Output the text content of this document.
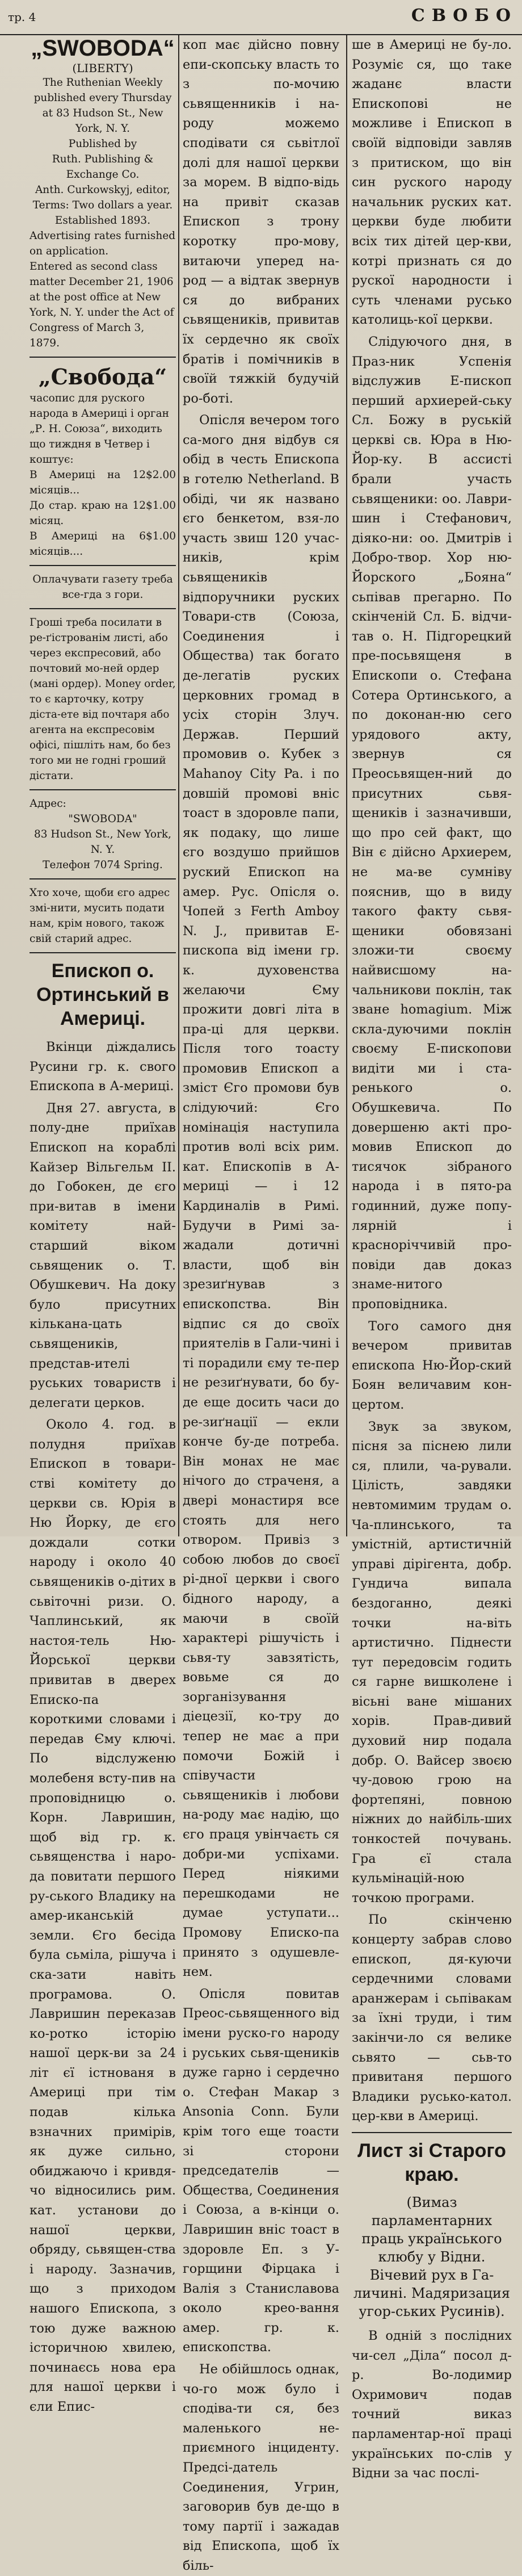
тр. 4	СВОБО
„SWOBODA“
(LIBERTY)
The Ruthenian Weekly published every Thursday at 83 Hudson St., New York, N. Y.
Published by
Ruth. Publishing & Exchange Co.
Anth. Curkowskyj, editor,
Terms: Two dollars a year.
Established 1893.
Advertising rates furnished on application.
Entered as second class matter December 21, 1906 at the post office at New York, N. Y. under the Act of Congress of March 3, 1879.
„Свобода“
часопис для руского народа в Америці і орган „Р. Н. Союза“, виходить що тиждня в Четвер і коштує:
В Америці на 12 місяців...
$2.00
До стар. краю на 12 місяц.
$1.00
В Америці на 6 місяців....
$1.00
Оплачувати газету треба все-гда з гори.
Гроші треба посилати в ре-ґістрованім листі, або через експресовий, або почтовий мо-ней ордер (мані ордер). Money order, то є карточку, котру діста-ете від почтаря або агента на експресовім офісі, пішліть нам, бо без того ми не годні гроший дістати.
Адрес:
"SWOBODA"
83 Hudson St., New York, N. Y.
Телефон 7074 Spring.
Хто хоче, щоби єго адрес змі-нити, мусить подати нам, крім нового, також свій старий адрес.
Епископ о. Ортинський в Америці.

Вкінци діждались Русини гр. к. свого Епископа в А-мериці.

Дня 27. августа, в полу-дне приїхав Епископ на кораблі Кайзер Вільгельм II. до Гобокен, де єго при-витав в імени комітету най-старший віком сьвященик о. Т. Обушкевич. На доку було присутних кількана-цать сьвящеників, представ-ителі руських товариств і делегати церков.

Около 4. год. в полудня приїхав Епископ в товари-стві комітету до церкви св. Юрія в Ню Йорку, де єго дождали сотки народу і около 40 сьвящеників о-дітих в сьвіточні ризи. О. Чаплинський, як настоя-тель Ню-Йорської церкви привитав в дверех Еписко-па короткими словами і передав Єму ключі. По відслуженю молебеня всту-пив на проповідницю о. Корн. Лавришин, щоб від гр. к. сьвященства і наро-да повитати першого ру-ського Владику на амер-иканській земли. Єго бесіда була сьміла, рішуча і ска-зати навіть програмова. О. Лавришин переказав ко-ротко історію нашої церк-ви за 24 літ єї істнованя в Америці при тім подав кількa взначних примірів, як дуже сильно, обиджаючо і кривдя-чо відносились рим. кат. установи до нашої церкви, обряду, сьвящен-ства і народу. Зазначив, що з приходом нашого Епископа, з тою дуже важною історичною хвилею, починаєсь нова ера для нашої церкви і єли Епис-

коп має дійсно повну епи-скопську власть то з по-мочию сьвященників і на-роду можемо сподівати ся сьвітлої долі для нашої церкви за морем. В відпо-відь на привіт сказав Епископ з трону коротку про-мову, витаючи уперед на-род — а відтак звернув ся до вибраних сьвящеників, привитав їх сердечно як своїх братів і помічників в своїй тяжкій будучій ро-боті.

Опісля вечером того са-мого дня відбув ся обід в честь Епископа в готелю Netherland. В обіді, чи як названо єго бенкетом, взя-ло участь звиш 120 учас-ників, крім сьвящеників відпоручники руских Товари-ств (Союза, Соединения і Общества) так богато де-легатів руских церковних громад в усіх сторін Злуч. Держав. Перший промовив о. Кубек з Mahanoy City Pa. і по довшій промові вніс тоаст в здоровле папи, як подаку, що лише єго воздушо прийшов руский Епископ на амер. Рус. Опісля о. Чопей з Ferth Amboy N. J., привитав Е-пископа від імени гр. к. духовенства желаючи Єму прожити довгі літа в пра-ці для церкви. Після того тоасту промовив Епископ а зміст Єго промови був слідуючий: Єго номінація наступила против волі всіх рим. кат. Епископів в А-мериці — і 12 Кардиналів в Римі. Будучи в Римі за-жадали дотичні власти, щоб він зрезиґнував з епископства. Він відпис ся до своїх приятелів в Гали-чині і ті порадили єму те-пер не резиґнувати, бо бу-де еще досить часи до ре-зиґнації — екли конче бу-де потреба. Він монах не має нічого до страченя, а двері монастиря все стоять для него отвором. Привіз з собою любов до своєї рі-дної церкви і свого бідного народу, а маючи в своїй характері рішучість і сьвя-ту завзятість, вовьме ся до зорганізування діецезії, ко-тру до тепер не має а при помочи Божій і співучасти сьвящеників і любови на-роду має надію, що єго праця увінчаєть ся добри-ми успіхами. Перед ніякими перешкодами не думае уступати... Промову Еписко-па принято з одушевле-нем.

Опісля повитав Преос-сьвященного від імени руско-го народу і руських сьвя-щеників дуже гарно і сердечно о. Стефан Макар з Ansonia Conn. Були крім того еще тоасти зі сторони председателів — Общества, Соединения і Союза, а в-кінци о. Лавришин вніс тоаст в здоровле Еп. з У-горщини Фірцака і Валія з Станиславова около крео-вання амер. гр. к. епископства.

Не обійшлось однак, чо-го мож було і сподіва-ти ся, без маленького не-приємного інциденту. Предсі-датель Соединения, Угрин, заговорив був де-що в тому партії і зажадав від Епископа, щоб їх біль-

ше в Америці не бу-ло. Розуміє ся, що таке жаданє власти Епископові не можливе і Епископ в своїй відповіди завляв з притиском, що він син руского народу начальник руских кат. церкви буде любити всіх тих дітей цер-кви, котрі признать ся до рускої народности і суть членами русько католиць-кої церкви.

Слідуючого дня, в Праз-ник Успенія відслужив Е-пископ перший архиерей-ську Сл. Божу в руській церкві св. Юра в Ню-Йор-ку. В асcисті брали участь сьвященики: оо. Лаври-шин і Стефанович, діяко-ни: оо. Дмитрів і Добро-твор. Хор ню-Йорского „Бояна“ сьпівав прегарно. По скінченій Сл. Б. відчи-тав о. Н. Підгорецкий пре-посьвященя в Епископи о. Стефана Сотера Ортинського, а по доконан-ню сего урядового акту, звернув ся Преосьвящен-ний до присутних сьвя-щеників і зазначивши, що про сей факт, що Він є дійсно Архиерем, не ма-ве сумніву пояснив, що в виду такого факту сьвя-щеники обовязані зложи-ти своєму найвисшому на-чальникови поклін, так зване homagium. Між скла-дуючими поклін своєму Е-пископови видіти ми і ста-ренького о. Обушкевича. По довершеню акті про-мовив Епископ до тисячок зібраного народа і в пято-ра годинний, дуже попу-лярній і красноріччивій про-повіди дав доказ знаме-нитого проповідника.

Того самого дня вечером привитав епископа Ню-Йор-ский Боян величавим кон-цертом.

Звук за звуком, пісня за піснею лили ся, плили, ча-рували. Цілість, завдяки невтомимим трудам о. Ча-плинського, та умістній, артистичній управі дірігента, добр. Гундича випала бездоганно, деякі точки на-віть артистично. Піднести тут передовсім годить ся гарне вишколене і вісьні ване мішаних хорів. Прав-дивий духовий нир подала добр. О. Вайсер звоєю чу-довою грою на фортепяні, повною ніжних до найбіль-ших тонкостей почувань. Гра єї стала кульмінацій-ною точкою програми.

По скінченю концерту забрав слово епископ, дя-куючи сердечними словами аранжерам і сьпівакам за їхні труди, і тим закінчи-ло ся велике сьвято — сьв-то привитаня першого Владики русько-катол. цер-кви в Америці.

Лист зі Старого краю.
(Вимаз парламентарних праць українського клюбу у Відни. Вічевий рух в Га-личині. Мадяризация угор-ських Русинів).

В одній з послідних чи-сел „Діла“ посол д-р. Во-лодимир Охримович подав точний виказ парламентар-ної праці українських по-слів у Відни за час послі-
